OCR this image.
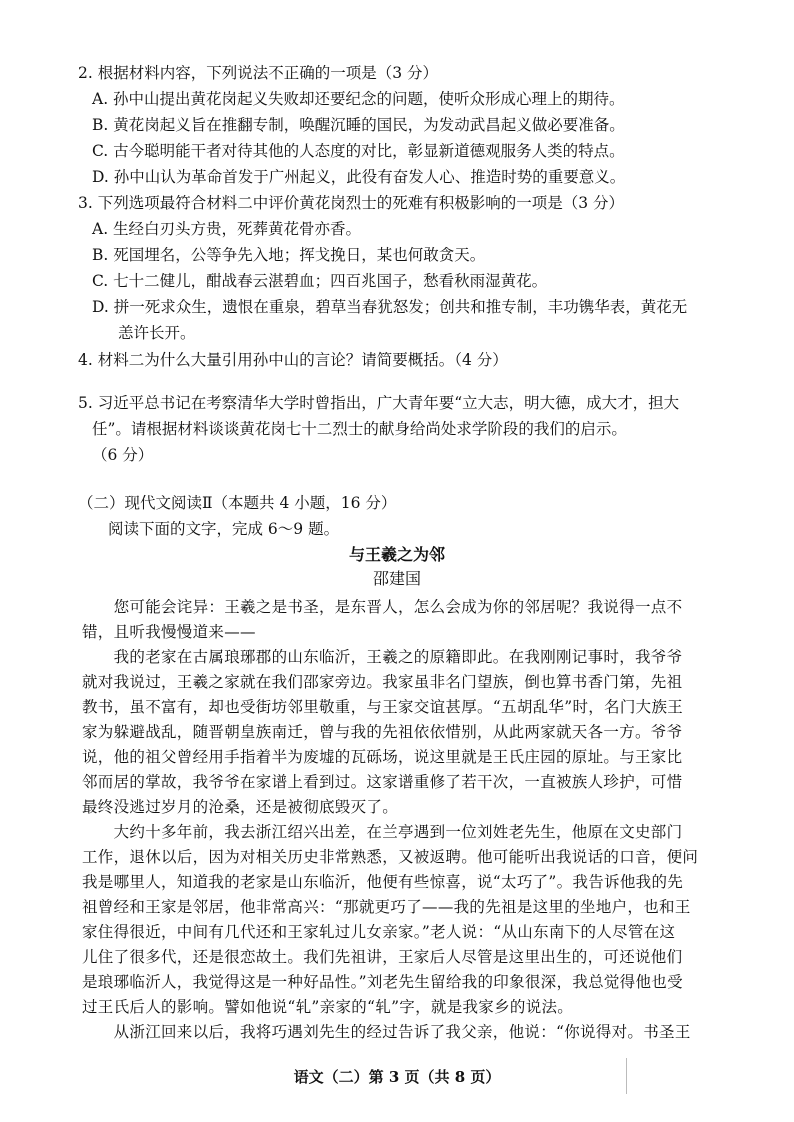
2. 根据材料内容，下列说法不正确的一项是（3 分）
A. 孙中山提出黄花岗起义失败却还要纪念的问题，使听众形成心理上的期待。
B. 黄花岗起义旨在推翻专制，唤醒沉睡的国民，为发动武昌起义做必要准备。
C. 古今聪明能干者对待其他的人态度的对比，彰显新道德观服务人类的特点。
D. 孙中山认为革命首发于广州起义，此役有奋发人心、推造时势的重要意义。
3. 下列选项最符合材料二中评价黄花岗烈士的死难有积极影响的一项是（3 分）
A. 生经白刃头方贵，死葬黄花骨亦香。
B. 死国埋名，公等争先入地；挥戈挽日，某也何敢贪天。
C. 七十二健儿，酣战春云湛碧血；四百兆国子，愁看秋雨湿黄花。
D. 拼一死求众生，遗恨在重泉，碧草当春犹怒发；创共和推专制，丰功镌华表，黄花无
恙许长开。
4. 材料二为什么大量引用孙中山的言论？请简要概括。（4 分）
5. 习近平总书记在考察清华大学时曾指出，广大青年要“立大志，明大德，成大才，担大
任”。请根据材料谈谈黄花岗七十二烈士的献身给尚处求学阶段的我们的启示。
（6 分）
（二）现代文阅读Ⅱ（本题共 4 小题，16 分）
阅读下面的文字，完成 6～9 题。
与王羲之为邻
邵建国
　　您可能会诧异：王羲之是书圣，是东晋人，怎么会成为你的邻居呢？我说得一点不
错，且听我慢慢道来——
　　我的老家在古属琅琊郡的山东临沂，王羲之的原籍即此。在我刚刚记事时，我爷爷
就对我说过，王羲之家就在我们邵家旁边。我家虽非名门望族，倒也算书香门第，先祖
教书，虽不富有，却也受街坊邻里敬重，与王家交谊甚厚。“五胡乱华”时，名门大族王
家为躲避战乱，随晋朝皇族南迁，曾与我的先祖依依惜别，从此两家就天各一方。爷爷
说，他的祖父曾经用手指着半为废墟的瓦砾场，说这里就是王氏庄园的原址。与王家比
邻而居的掌故，我爷爷在家谱上看到过。这家谱重修了若干次，一直被族人珍护，可惜
最终没逃过岁月的沧桑，还是被彻底毁灭了。
　　大约十多年前，我去浙江绍兴出差，在兰亭遇到一位刘姓老先生，他原在文史部门
工作，退休以后，因为对相关历史非常熟悉，又被返聘。他可能听出我说话的口音，便问
我是哪里人，知道我的老家是山东临沂，他便有些惊喜，说“太巧了”。我告诉他我的先
祖曾经和王家是邻居，他非常高兴：“那就更巧了——我的先祖是这里的坐地户，也和王
家住得很近，中间有几代还和王家轧过儿女亲家。”老人说：“从山东南下的人尽管在这
儿住了很多代，还是很恋故土。我们先祖讲，王家后人尽管是这里出生的，可还说他们
是琅琊临沂人，我觉得这是一种好品性。”刘老先生留给我的印象很深，我总觉得他也受
过王氏后人的影响。譬如他说“轧”亲家的“轧”字，就是我家乡的说法。
　　从浙江回来以后，我将巧遇刘先生的经过告诉了我父亲，他说：“你说得对。书圣王
语文（二）第 3 页（共 8 页）
